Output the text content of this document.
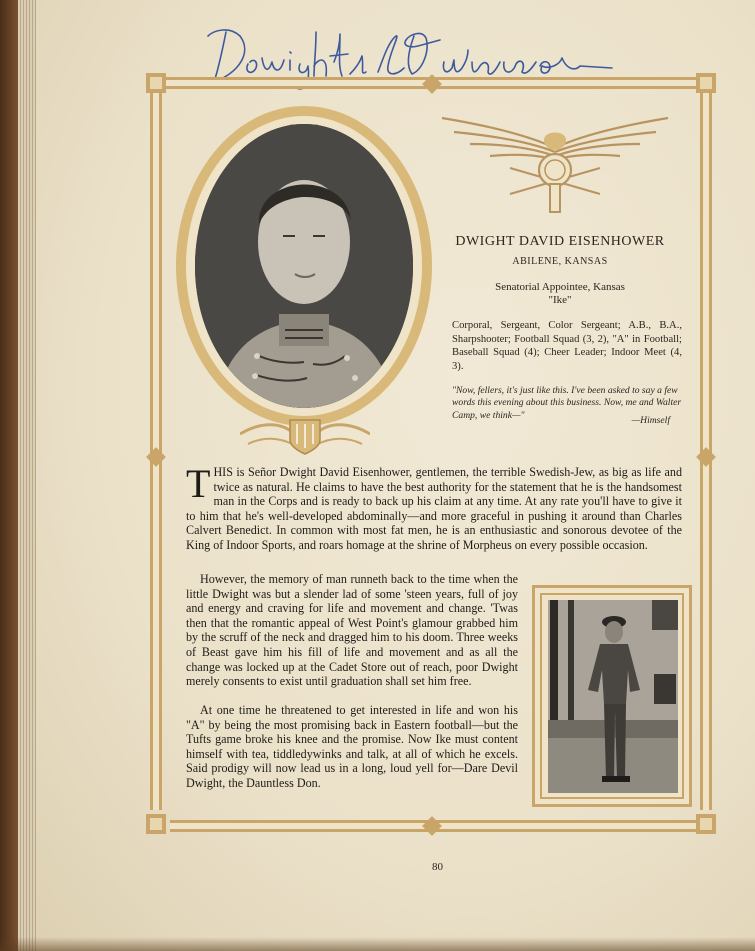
DWIGHT DAVID EISENHOWER
ABILENE, KANSAS
Senatorial Appointee, Kansas
"Ike"
Corporal, Sergeant, Color Sergeant; A.B., B.A., Sharpshooter; Football Squad (3, 2), "A" in Football; Baseball Squad (4); Cheer Leader; Indoor Meet (4, 3).
"Now, fellers, it's just like this. I've been asked to say a few words this evening about this business. Now, me and Walter Camp, we think—"	—Himself
THIS is Señor Dwight David Eisenhower, gentlemen, the terrible Swedish-Jew, as big as life and twice as natural. He claims to have the best authority for the statement that he is the handsomest man in the Corps and is ready to back up his claim at any time. At any rate you'll have to give it to him that he's well-developed abdominally—and more graceful in pushing it around than Charles Calvert Benedict. In common with most fat men, he is an enthusiastic and sonorous devotee of the King of Indoor Sports, and roars homage at the shrine of Morpheus on every possible occasion.
However, the memory of man runneth back to the time when the little Dwight was but a slender lad of some 'steen years, full of joy and energy and craving for life and movement and change. 'Twas then that the romantic appeal of West Point's glamour grabbed him by the scruff of the neck and dragged him to his doom. Three weeks of Beast gave him his fill of life and movement and as all the change was locked up at the Cadet Store out of reach, poor Dwight merely consents to exist until graduation shall set him free.
At one time he threatened to get interested in life and won his "A" by being the most promising back in Eastern football—but the Tufts game broke his knee and the promise. Now Ike must content himself with tea, tiddledywinks and talk, at all of which he excels. Said prodigy will now lead us in a long, loud yell for—Dare Devil Dwight, the Dauntless Don.
80
